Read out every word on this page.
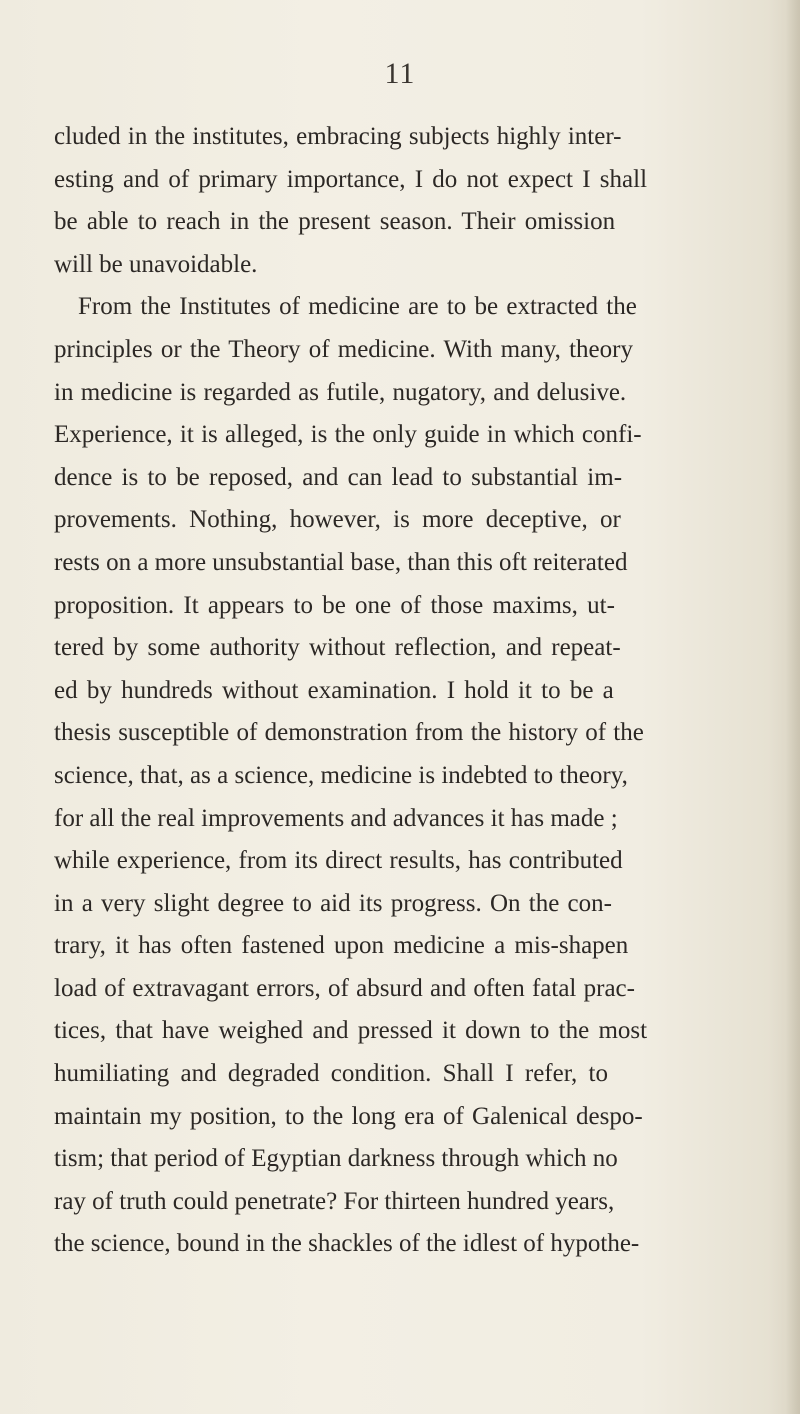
11
cluded in the institutes, embracing subjects highly inter-
esting and of primary importance, I do not expect I shall
be able to reach in the present season. Their omission
will be unavoidable.
From the Institutes of medicine are to be extracted the
principles or the Theory of medicine. With many, theory
in medicine is regarded as futile, nugatory, and delusive.
Experience, it is alleged, is the only guide in which confi-
dence is to be reposed, and can lead to substantial im-
provements. Nothing, however, is more deceptive, or
rests on a more unsubstantial base, than this oft reiterated
proposition. It appears to be one of those maxims, ut-
tered by some authority without reflection, and repeat-
ed by hundreds without examination. I hold it to be a
thesis susceptible of demonstration from the history of the
science, that, as a science, medicine is indebted to theory,
for all the real improvements and advances it has made ;
while experience, from its direct results, has contributed
in a very slight degree to aid its progress. On the con-
trary, it has often fastened upon medicine a mis-shapen
load of extravagant errors, of absurd and often fatal prac-
tices, that have weighed and pressed it down to the most
humiliating and degraded condition. Shall I refer, to
maintain my position, to the long era of Galenical despo-
tism; that period of Egyptian darkness through which no
ray of truth could penetrate? For thirteen hundred years,
the science, bound in the shackles of the idlest of hypothe-
